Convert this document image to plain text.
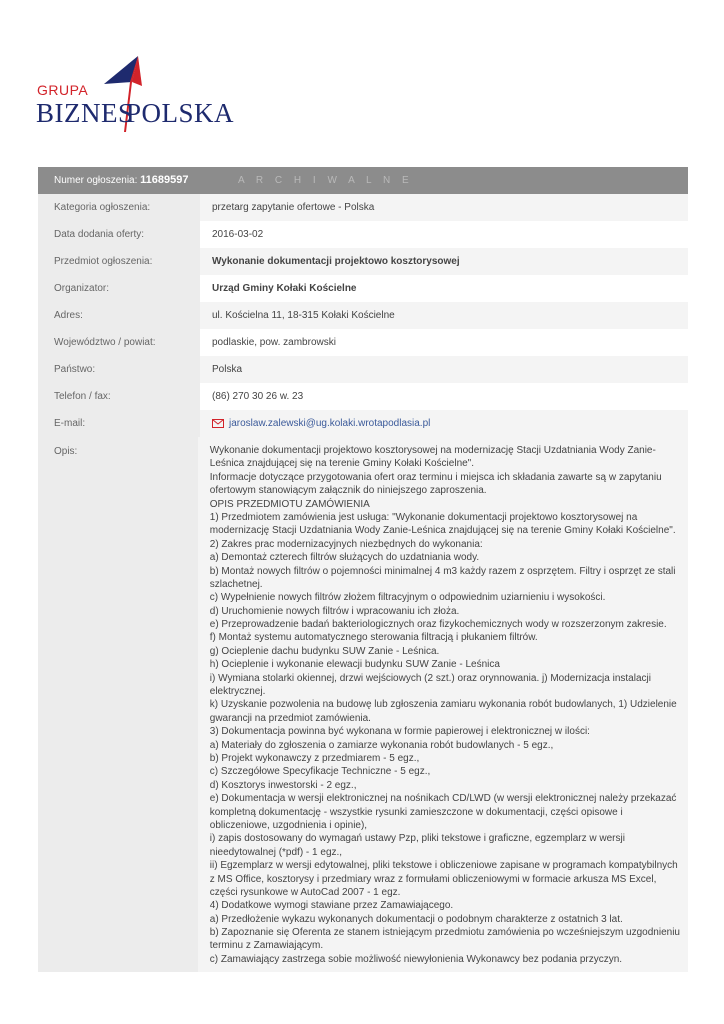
GRUPA
BIZNES
POLSKA
Numer ogłoszenia: 11689597	A R C H I W A L N E
Kategoria ogłoszenia:	przetarg zapytanie ofertowe - Polska
Data dodania oferty:	2016-03-02
Przedmiot ogłoszenia:	Wykonanie dokumentacji projektowo kosztorysowej
Organizator:	Urząd Gminy Kołaki Kościelne
Adres:	ul. Kościelna 11, 18-315 Kołaki Kościelne
Województwo / powiat:	podlaskie, pow. zambrowski
Państwo:	Polska
Telefon / fax:	(86) 270 30 26 w. 23
E-mail:	jaroslaw.zalewski@ug.kolaki.wrotapodlasia.pl
Opis:	Wykonanie dokumentacji projektowo kosztorysowej na modernizację Stacji Uzdatniania Wody Zanie-
Leśnica znajdującej się na terenie Gminy Kołaki Kościelne".
Informacje dotyczące przygotowania ofert oraz terminu i miejsca ich składania zawarte są w zapytaniu
ofertowym stanowiącym załącznik do niniejszego zaproszenia.
OPIS PRZEDMIOTU ZAMÓWIENIA
1) Przedmiotem zamówienia jest usługa: "Wykonanie dokumentacji projektowo kosztorysowej na
modernizację Stacji Uzdatniania Wody Zanie-Leśnica znajdującej się na terenie Gminy Kołaki Kościelne".
2) Zakres prac modernizacyjnych niezbędnych do wykonania:
a) Demontaż czterech filtrów służących do uzdatniania wody.
b) Montaż nowych filtrów o pojemności minimalnej 4 m3 każdy razem z osprzętem. Filtry i osprzęt ze stali
szlachetnej.
c) Wypełnienie nowych filtrów złożem filtracyjnym o odpowiednim uziarnieniu i wysokości.
d) Uruchomienie nowych filtrów i wpracowaniu ich złoża.
e) Przeprowadzenie badań bakteriologicznych oraz fizykochemicznych wody w rozszerzonym zakresie.
f) Montaż systemu automatycznego sterowania filtracją i płukaniem filtrów.
g) Ocieplenie dachu budynku SUW Zanie - Leśnica.
h) Ocieplenie i wykonanie elewacji budynku SUW Zanie - Leśnica
i) Wymiana stolarki okiennej, drzwi wejściowych (2 szt.) oraz orynnowania. j) Modernizacja instalacji
elektrycznej.
k) Uzyskanie pozwolenia na budowę lub zgłoszenia zamiaru wykonania robót budowlanych, 1) Udzielenie
gwarancji na przedmiot zamówienia.
3) Dokumentacja powinna być wykonana w formie papierowej i elektronicznej w ilości:
a) Materiały do zgłoszenia o zamiarze wykonania robót budowlanych - 5 egz.,
b) Projekt wykonawczy z przedmiarem - 5 egz.,
c) Szczegółowe Specyfikacje Techniczne - 5 egz.,
d) Kosztorys inwestorski - 2 egz.,
e) Dokumentacja w wersji elektronicznej na nośnikach CD/LWD (w wersji elektronicznej należy przekazać
kompletną dokumentację - wszystkie rysunki zamieszczone w dokumentacji, części opisowe i
obliczeniowe, uzgodnienia i opinie),
i) zapis dostosowany do wymagań ustawy Pzp, pliki tekstowe i graficzne, egzemplarz w wersji
nieedytowalnej (*pdf) - 1 egz.,
ii) Egzemplarz w wersji edytowalnej, pliki tekstowe i obliczeniowe zapisane w programach kompatybilnych
z MS Office, kosztorysy i przedmiary wraz z formułami obliczeniowymi w formacie arkusza MS Excel,
części rysunkowe w AutoCad 2007 - 1 egz.
4) Dodatkowe wymogi stawiane przez Zamawiającego.
a) Przedłożenie wykazu wykonanych dokumentacji o podobnym charakterze z ostatnich 3 lat.
b) Zapoznanie się Oferenta ze stanem istniejącym przedmiotu zamówienia po wcześniejszym uzgodnieniu
terminu z Zamawiającym.
c) Zamawiający zastrzega sobie możliwość niewyłonienia Wykonawcy bez podania przyczyn.
